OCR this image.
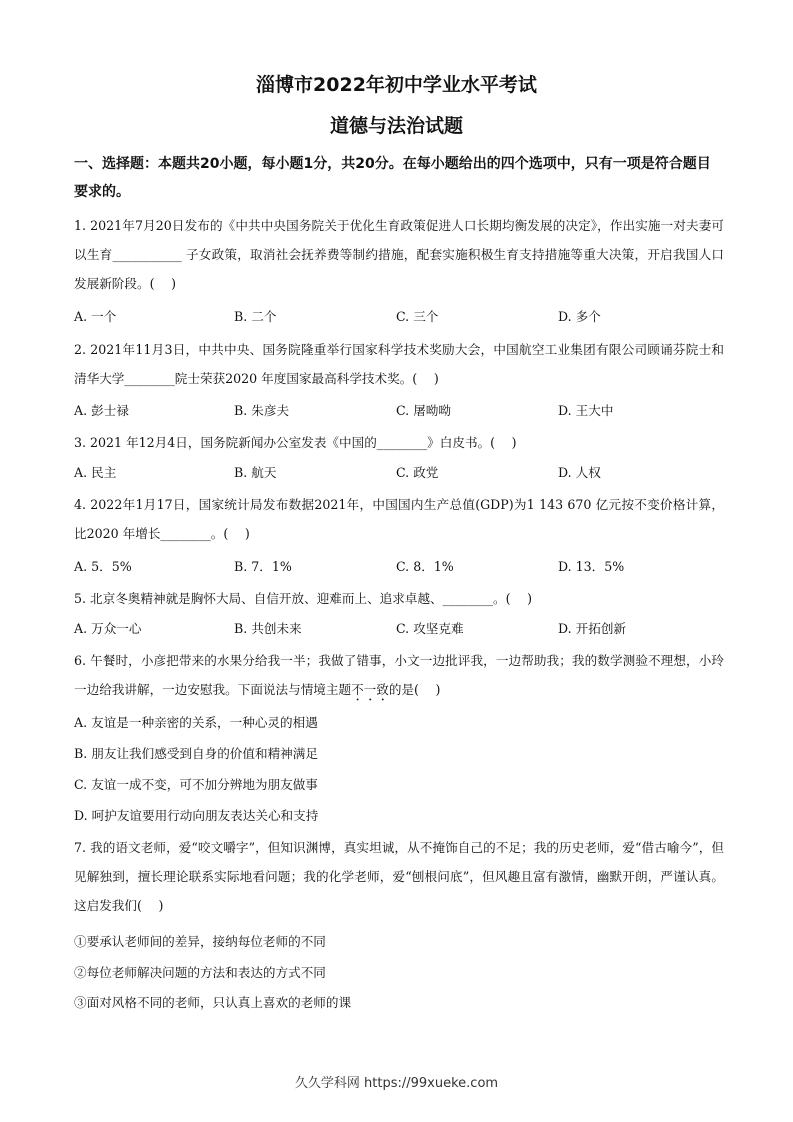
淄博市2022年初中学业水平考试
道德与法治试题
一、选择题：本题共20小题，每小题1分，共20分。在每小题给出的四个选项中，只有一项是符合题目要求的。
1. 2021年7月20日发布的《中共中央国务院关于优化生育政策促进人口长期均衡发展的决定》，作出实施一对夫妻可以生育___________ 子女政策，取消社会抚养费等制约措施，配套实施积极生育支持措施等重大决策，开启我国人口发展新阶段。(　 )
A. 一个	B. 二个	C. 三个	D. 多个
2. 2021年11月3日，中共中央、国务院隆重举行国家科学技术奖励大会，中国航空工业集团有限公司顾诵芬院士和清华大学________院士荣获2020 年度国家最高科学技术奖。(　 )
A. 彭士禄	B. 朱彦夫	C. 屠呦呦	D. 王大中
3. 2021 年12月4日，国务院新闻办公室发表《中国的________》白皮书。(　 )
A. 民主	B. 航天	C. 政党	D. 人权
4. 2022年1月17日，国家统计局发布数据2021年，中国国内生产总值(GDP)为1 143 670 亿元按不变价格计算，比2020 年增长________。(　 )
A. 5．5%	B. 7．1%	C. 8．1%	D. 13．5%
5. 北京冬奥精神就是胸怀大局、自信开放、迎难而上、追求卓越、________。(　 )
A. 万众一心	B. 共创未来	C. 攻坚克难	D. 开拓创新
6. 午餐时，小彦把带来的水果分给我一半；我做了错事，小文一边批评我，一边帮助我；我的数学测验不理想，小玲一边给我讲解，一边安慰我。下面说法与情境主题不一致的是(　 )
A. 友谊是一种亲密的关系，一种心灵的相遇
B. 朋友让我们感受到自身的价值和精神满足
C. 友谊一成不变，可不加分辨地为朋友做事
D. 呵护友谊要用行动向朋友表达关心和支持
7. 我的语文老师，爱“咬文嚼字”，但知识渊博，真实坦诚，从不掩饰自己的不足；我的历史老师，爱“借古喻今”，但见解独到，擅长理论联系实际地看问题；我的化学老师，爱“刨根问底”，但风趣且富有激情，幽默开朗，严谨认真。这启发我们(　 )
①要承认老师间的差异，接纳每位老师的不同
②每位老师解决问题的方法和表达的方式不同
③面对风格不同的老师，只认真上喜欢的老师的课
久久学科网 https://99xueke.com
